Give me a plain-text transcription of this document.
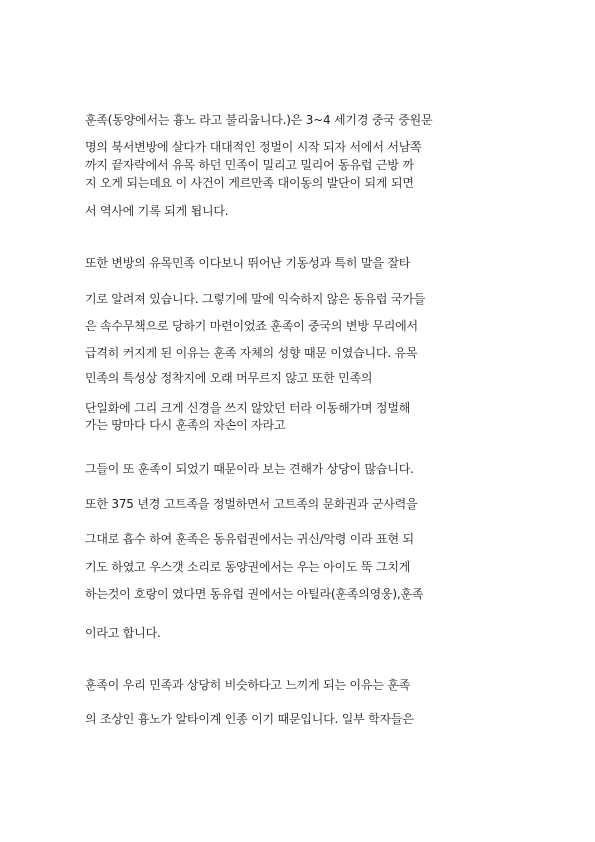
훈족(동양에서는 흉노 라고 불리웁니다.)은 3~4 세기경 중국 중원문
명의 북서변방에 살다가 대대적인 정벌이 시작 되자 서에서 서남쪽
까지 끝자락에서 유목 하던 민족이 밀리고 밀리어 동유럽 근방 까
지 오게 되는데요 이 사건이 게르만족 대이동의 발단이 되게 되면
서 역사에 기록 되게 됩니다.
또한 변방의 유목민족 이다보니 뛰어난 기동성과 특히 말을 잘타
기로 알려져 있습니다. 그렇기에 말에 익숙하지 않은 동유럽 국가들
은 속수무책으로 당하기 마련이었죠 훈족이 중국의 변방 무리에서
급격히 커지게 된 이유는 훈족 자체의 성향 때문 이였습니다. 유목
민족의 특성상 정착지에 오래 머무르지 않고 또한 민족의
단일화에 그리 크게 신경을 쓰지 않았던 터라 이동해가며 정벌해
가는 땅마다 다시 훈족의 자손이 자라고
그들이 또 훈족이 되었기 때문이라 보는 견해가 상당이 많습니다.
또한 375 년경 고트족을 정벌하면서 고트족의 문화권과 군사력을
그대로 흡수 하여 훈족은 동유럽권에서는 귀신/악령 이라 표현 되
기도 하였고 우스갯 소리로 동양권에서는 우는 아이도 뚝 그치게
하는것이 호랑이 였다면 동유럽 권에서는 아틸라(훈족의영웅),훈족
이라고 합니다.
훈족이 우리 민족과 상당히 비슷하다고 느끼게 되는 이유는 훈족
의 조상인 흉노가 알타이계 인종 이기 때문입니다. 일부 학자들은
